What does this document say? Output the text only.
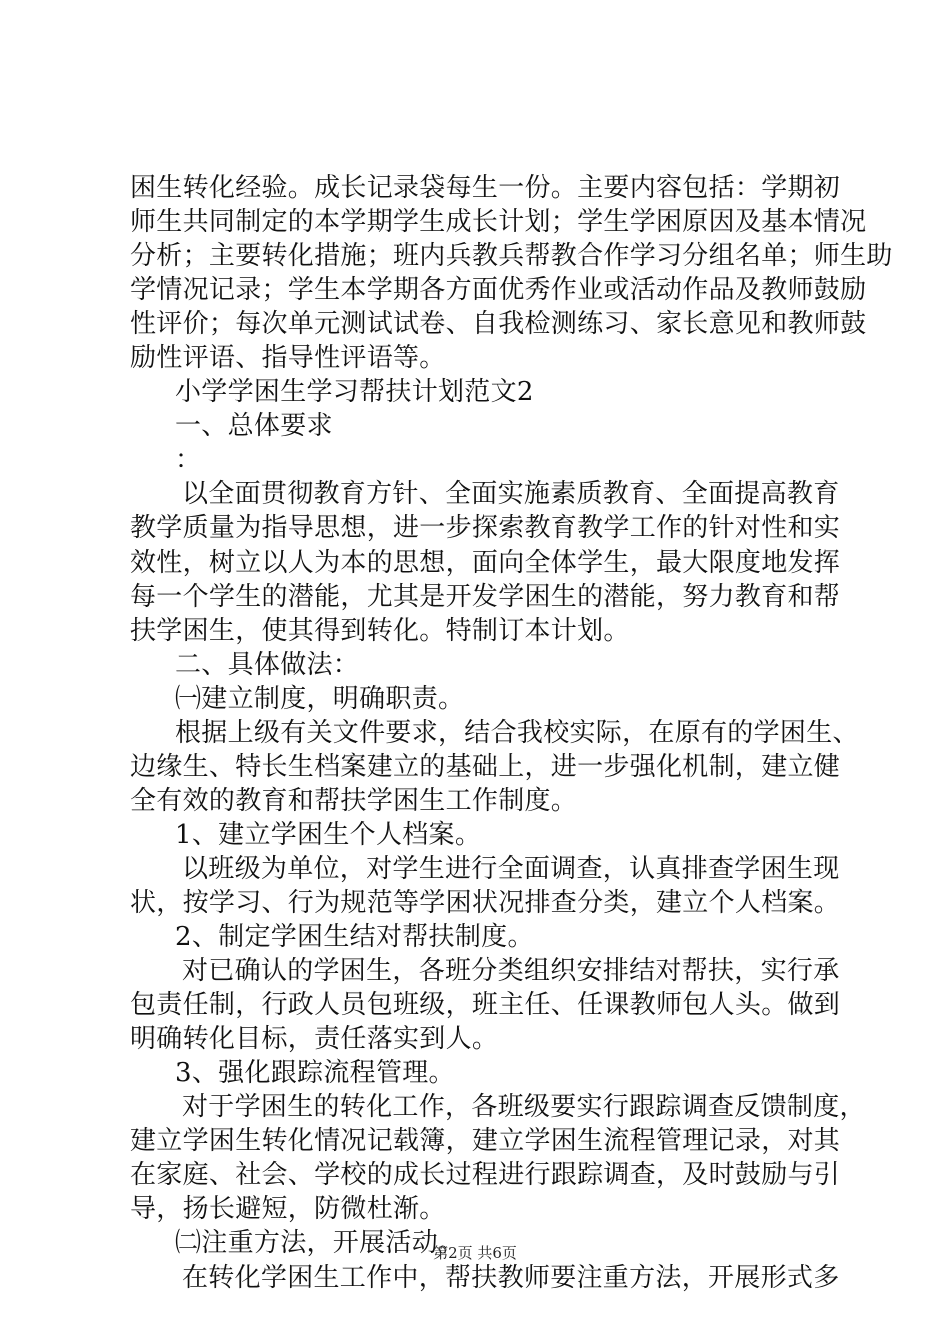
困生转化经验。成长记录袋每生一份。主要内容包括：学期初
师生共同制定的本学期学生成长计划；学生学困原因及基本情况
分析；主要转化措施；班内兵教兵帮教合作学习分组名单；师生助
学情况记录；学生本学期各方面优秀作业或活动作品及教师鼓励
性评价；每次单元测试试卷、自我检测练习、家长意见和教师鼓
励性评语、指导性评语等。
小学学困生学习帮扶计划范文2
一、总体要求
：
以全面贯彻教育方针、全面实施素质教育、全面提高教育
教学质量为指导思想，进一步探索教育教学工作的针对性和实
效性，树立以人为本的思想，面向全体学生，最大限度地发挥
每一个学生的潜能，尤其是开发学困生的潜能，努力教育和帮
扶学困生，使其得到转化。特制订本计划。
二、具体做法：
㈠建立制度，明确职责。
根据上级有关文件要求，结合我校实际，在原有的学困生、
边缘生、特长生档案建立的基础上，进一步强化机制，建立健
全有效的教育和帮扶学困生工作制度。
1、建立学困生个人档案。
以班级为单位，对学生进行全面调查，认真排查学困生现
状，按学习、行为规范等学困状况排查分类，建立个人档案。
2、制定学困生结对帮扶制度。
对已确认的学困生，各班分类组织安排结对帮扶，实行承
包责任制，行政人员包班级，班主任、任课教师包人头。做到
明确转化目标，责任落实到人。
3、强化跟踪流程管理。
对于学困生的转化工作，各班级要实行跟踪调查反馈制度，
建立学困生转化情况记载簿，建立学困生流程管理记录，对其
在家庭、社会、学校的成长过程进行跟踪调查，及时鼓励与引
导，扬长避短，防微杜渐。
㈡注重方法，开展活动。
在转化学困生工作中，帮扶教师要注重方法，开展形式多
第2页 共6页
